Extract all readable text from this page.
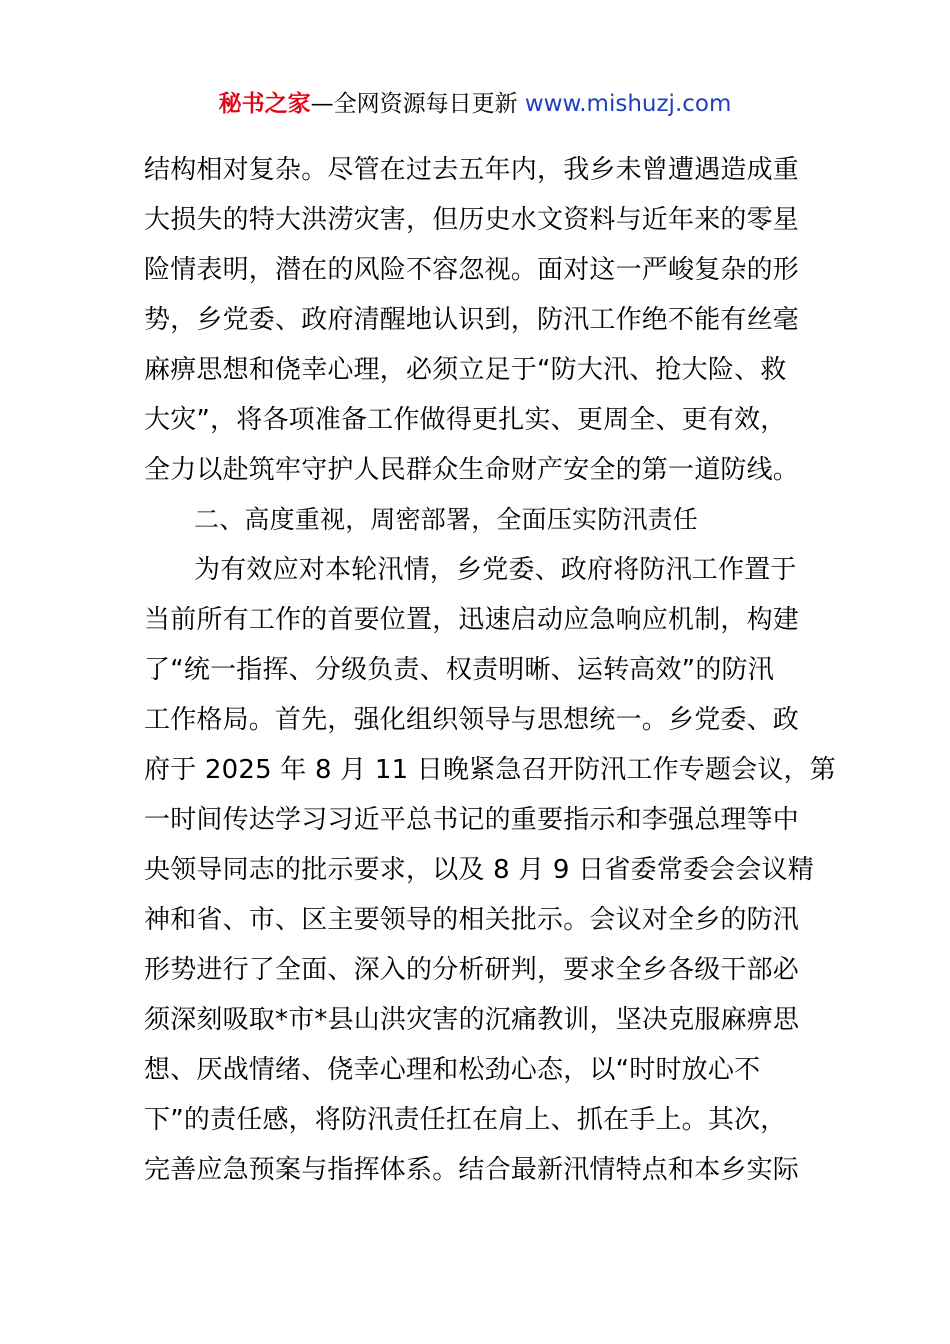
秘书之家—全网资源每日更新 www.mishuzj.com
结构相对复杂。尽管在过去五年内，我乡未曾遭遇造成重
大损失的特大洪涝灾害，但历史水文资料与近年来的零星
险情表明，潜在的风险不容忽视。面对这一严峻复杂的形
势，乡党委、政府清醒地认识到，防汛工作绝不能有丝毫
麻痹思想和侥幸心理，必须立足于“防大汛、抢大险、救
大灾”，将各项准备工作做得更扎实、更周全、更有效，
全力以赴筑牢守护人民群众生命财产安全的第一道防线。
二、高度重视，周密部署，全面压实防汛责任
为有效应对本轮汛情，乡党委、政府将防汛工作置于
当前所有工作的首要位置，迅速启动应急响应机制，构建
了“统一指挥、分级负责、权责明晰、运转高效”的防汛
工作格局。首先，强化组织领导与思想统一。乡党委、政
府于 2025 年 8 月 11 日晚紧急召开防汛工作专题会议，第
一时间传达学习习近平总书记的重要指示和李强总理等中
央领导同志的批示要求，以及 8 月 9 日省委常委会会议精
神和省、市、区主要领导的相关批示。会议对全乡的防汛
形势进行了全面、深入的分析研判，要求全乡各级干部必
须深刻吸取*市*县山洪灾害的沉痛教训，坚决克服麻痹思
想、厌战情绪、侥幸心理和松劲心态，以“时时放心不
下”的责任感，将防汛责任扛在肩上、抓在手上。其次，
完善应急预案与指挥体系。结合最新汛情特点和本乡实际
